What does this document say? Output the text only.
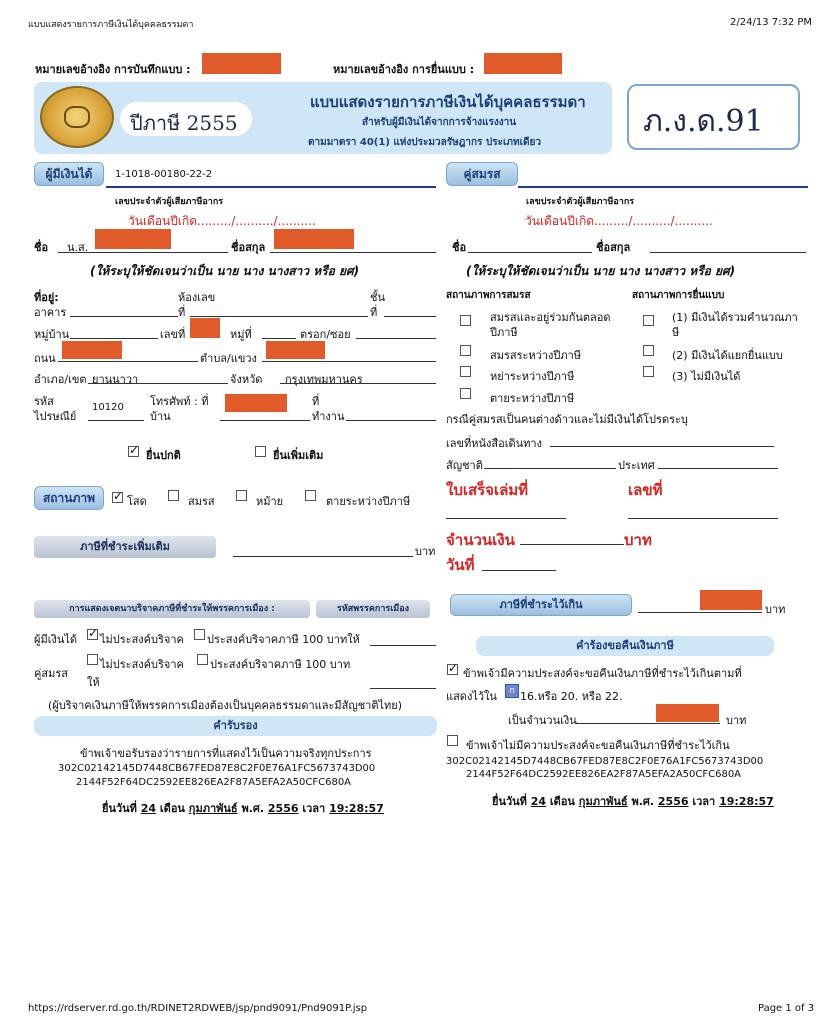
แบบแสดงรายการภาษีเงินได้บุคคลธรรมดา	2/24/13 7:32 PM
https://rdserver.rd.go.th/RDINET2RDWEB/jsp/pnd9091/Pnd9091P.jsp	Page 1 of 3
หมายเลขอ้างอิง การบันทึกแบบ :	หมายเลขอ้างอิง การยื่นแบบ :
ปีภาษี 2555
แบบแสดงรายการภาษีเงินได้บุคคลธรรมดา
สำหรับผู้มีเงินได้จากการจ้างแรงงาน
ตามมาตรา 40(1) แห่งประมวลรัษฎากร ประเภทเดียว
ภ.ง.ด.91
ผู้มีเงินได้	1-1018-00180-22-2
เลขประจำตัวผู้เสียภาษีอากร
วันเดือนปีเกิด........./........../..........
ชื่อ น.ส.	ชื่อสกุล
(ให้ระบุให้ชัดเจนว่าเป็น นาย นาง นางสาว หรือ ยศ)
ที่อยู่:
อาคาร
ห้องเลข
ที่
ชั้น
ที่
หมู่บ้าน	เลขที่	หมู่ที่	ตรอก/ซอย
ถนน	ตำบล/แขวง
อำเภอ/เขต ยานนาวา	จังหวัด กรุงเทพมหานคร
รหัส
ไปรษณีย์
10120 โทรศัพท์ : ที่
บ้าน
ที่
ทำงาน
✓
ยื่นปกติ	ยื่นเพิ่มเติม
สถานภาพ ✓	โสด	สมรส	หม้าย	ตายระหว่างปีภาษี
ภาษีที่ชำระเพิ่มเติม	บาท
การแสดงเจตนาบริจาคภาษีที่ชำระให้พรรคการเมือง :	รหัสพรรคการเมือง
ผู้มีเงินได้ ✓ ไม่ประสงค์บริจาค ประสงค์บริจาคภาษี 100 บาทให้
คู่สมรส
ไม่ประสงค์บริจาค ประสงค์บริจาคภาษี 100 บาท
ให้
(ผู้บริจาคเงินภาษีให้พรรคการเมืองต้องเป็นบุคคลธรรมดาและมีสัญชาติไทย)
คำรับรอง
ข้าพเจ้าขอรับรองว่ารายการที่แสดงไว้เป็นความจริงทุกประการ
302C02142145D7448CB67FED87E8C2F0E76A1FC5673743D00
2144F52F64DC2592EE826EA2F87A5EFA2A50CFC680A
ยื่นวันที่ 24 เดือน กุมภาพันธ์ พ.ศ. 2556 เวลา 19:28:57
คู่สมรส
เลขประจำตัวผู้เสียภาษีอากร
วันเดือนปีเกิด........./........../..........
ชื่อ	ชื่อสกุล
(ให้ระบุให้ชัดเจนว่าเป็น นาย นาง นางสาว หรือ ยศ)
สถานภาพการสมรส	สถานภาพการยื่นแบบ
สมรสและอยู่ร่วมกันตลอด
ปีภาษี
สมรสระหว่างปีภาษี
หย่าระหว่างปีภาษี
ตายระหว่างปีภาษี
(1) มีเงินได้รวมคำนวณภา
ษี
(2) มีเงินได้แยกยื่นแบบ
(3) ไม่มีเงินได้
กรณีคู่สมรสเป็นคนต่างด้าวและไม่มีเงินได้โปรดระบุ
เลขที่หนังสือเดินทาง
สัญชาติ	ประเทศ
ใบเสร็จเล่มที่	เลขที่
จำนวนเงิน	บาท
วันที่
ภาษีที่ชำระไว้เกิน	บาท
คำร้องขอคืนเงินภาษี
✓
ข้าพเจ้ามีความประสงค์จะขอคืนเงินภาษีที่ชำระไว้เกินตามที่
แสดงไว้ใน	ก 16.หรือ 20. หรือ 22.
เป็นจำนวนเงิน	บาท
ข้าพเจ้าไม่มีความประสงค์จะขอคืนเงินภาษีที่ชำระไว้เกิน
302C02142145D7448CB67FED87E8C2F0E76A1FC5673743D00
2144F52F64DC2592EE826EA2F87A5EFA2A50CFC680A
ยื่นวันที่ 24 เดือน กุมภาพันธ์ พ.ศ. 2556 เวลา 19:28:57
